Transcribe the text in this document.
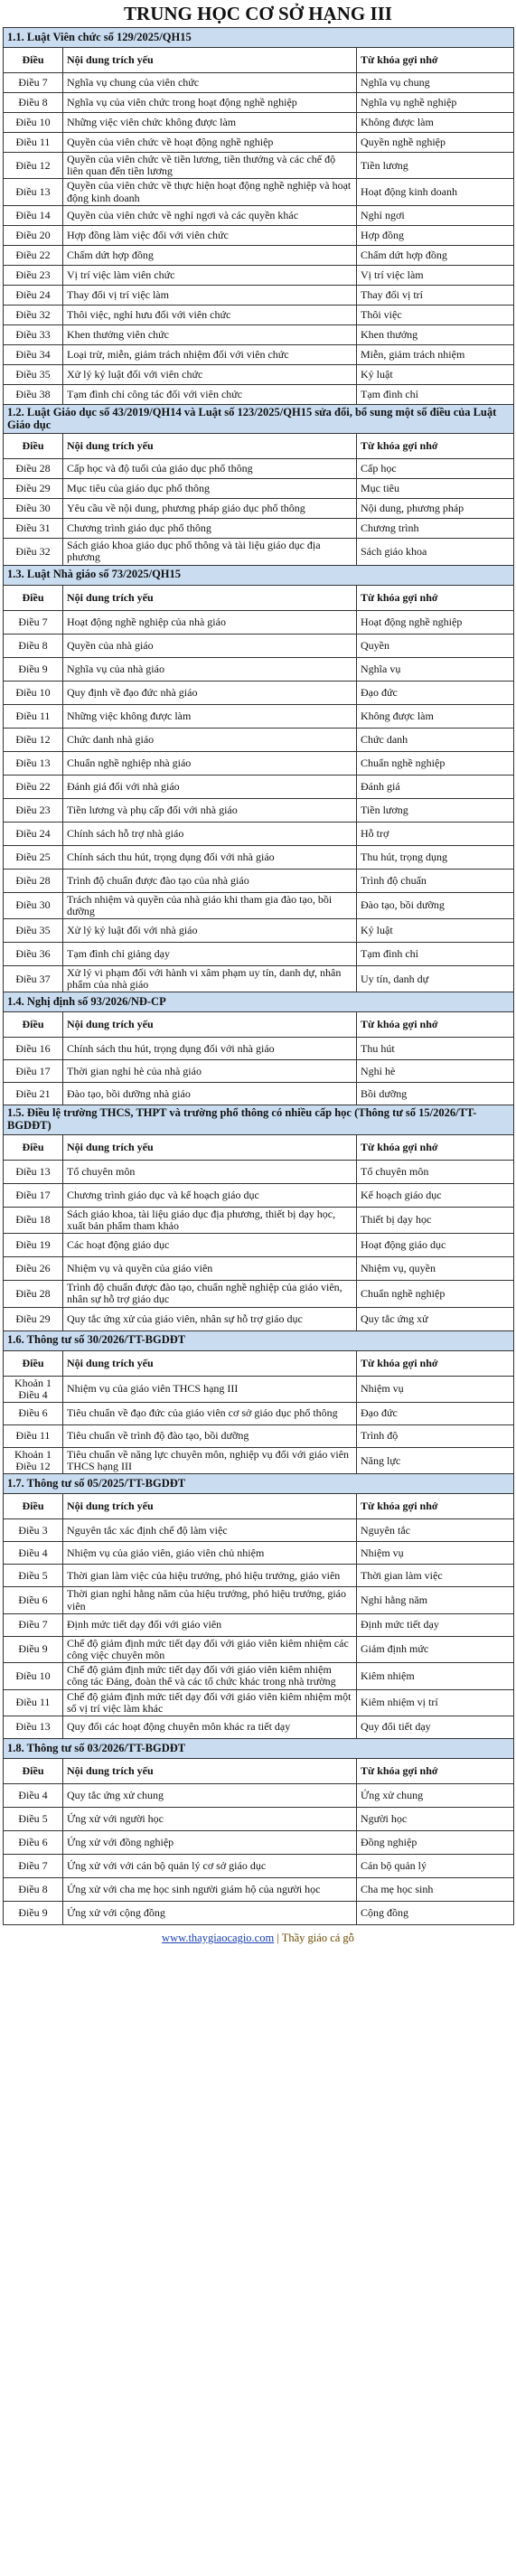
TRUNG HỌC CƠ SỞ HẠNG III
1.1. Luật Viên chức số 129/2025/QH15		
Điều	Nội dung trích yếu	Từ khóa gợi nhớ
Điều 7	Nghĩa vụ chung của viên chức	Nghĩa vụ chung
Điều 8	Nghĩa vụ của viên chức trong hoạt động nghề nghiệp	Nghĩa vụ nghề nghiệp
Điều 10	Những việc viên chức không được làm	Không được làm
Điều 11	Quyền của viên chức về hoạt động nghề nghiệp	Quyền nghề nghiệp
Điều 12	Quyền của viên chức về tiền lương, tiền thưởng và các chế độ liên quan đến tiền lương	Tiền lương
Điều 13	Quyền của viên chức về thực hiện hoạt động nghề nghiệp và hoạt động kinh doanh	Hoạt động kinh doanh
Điều 14	Quyền của viên chức về nghỉ ngơi và các quyền khác	Nghỉ ngơi
Điều 20	Hợp đồng làm việc đối với viên chức	Hợp đồng
Điều 22	Chấm dứt hợp đồng	Chấm dứt hợp đồng
Điều 23	Vị trí việc làm viên chức	Vị trí việc làm
Điều 24	Thay đổi vị trí việc làm	Thay đổi vị trí
Điều 32	Thôi việc, nghỉ hưu đối với viên chức	Thôi việc
Điều 33	Khen thưởng viên chức	Khen thưởng
Điều 34	Loại trừ, miễn, giảm trách nhiệm đối với viên chức	Miễn, giảm trách nhiệm
Điều 35	Xử lý kỷ luật đối với viên chức	Kỷ luật
Điều 38	Tạm đình chỉ công tác đối với viên chức	Tạm đình chỉ
1.2. Luật Giáo dục số 43/2019/QH14 và Luật số 123/2025/QH15 sửa đổi, bổ sung một số điều của Luật Giáo dục		
Điều	Nội dung trích yếu	Từ khóa gợi nhớ
Điều 28	Cấp học và độ tuổi của giáo dục phổ thông	Cấp học
Điều 29	Mục tiêu của giáo dục phổ thông	Mục tiêu
Điều 30	Yêu cầu về nội dung, phương pháp giáo dục phổ thông	Nội dung, phương pháp
Điều 31	Chương trình giáo dục phổ thông	Chương trình
Điều 32	Sách giáo khoa giáo dục phổ thông và tài liệu giáo dục địa phương	Sách giáo khoa
1.3. Luật Nhà giáo số 73/2025/QH15		
Điều	Nội dung trích yếu	Từ khóa gợi nhớ
Điều 7	Hoạt động nghề nghiệp của nhà giáo	Hoạt động nghề nghiệp
Điều 8	Quyền của nhà giáo	Quyền
Điều 9	Nghĩa vụ của nhà giáo	Nghĩa vụ
Điều 10	Quy định về đạo đức nhà giáo	Đạo đức
Điều 11	Những việc không được làm	Không được làm
Điều 12	Chức danh nhà giáo	Chức danh
Điều 13	Chuẩn nghề nghiệp nhà giáo	Chuẩn nghề nghiệp
Điều 22	Đánh giá đối với nhà giáo	Đánh giá
Điều 23	Tiền lương và phụ cấp đối với nhà giáo	Tiền lương
Điều 24	Chính sách hỗ trợ nhà giáo	Hỗ trợ
Điều 25	Chính sách thu hút, trọng dụng đối với nhà giáo	Thu hút, trọng dụng
Điều 28	Trình độ chuẩn được đào tạo của nhà giáo	Trình độ chuẩn
Điều 30	Trách nhiệm và quyền của nhà giáo khi tham gia đào tạo, bồi dưỡng	Đào tạo, bồi dưỡng
Điều 35	Xử lý kỷ luật đối với nhà giáo	Kỷ luật
Điều 36	Tạm đình chỉ giảng dạy	Tạm đình chỉ
Điều 37	Xử lý vi phạm đối với hành vi xâm phạm uy tín, danh dự, nhân phẩm của nhà giáo	Uy tín, danh dự
1.4. Nghị định số 93/2026/NĐ-CP		
Điều	Nội dung trích yếu	Từ khóa gợi nhớ
Điều 16	Chính sách thu hút, trọng dụng đối với nhà giáo	Thu hút
Điều 17	Thời gian nghỉ hè của nhà giáo	Nghỉ hè
Điều 21	Đào tạo, bồi dưỡng nhà giáo	Bồi dưỡng
1.5. Điều lệ trường THCS, THPT và trường phổ thông có nhiều cấp học (Thông tư số 15/2026/TT-BGDĐT)		
Điều	Nội dung trích yếu	Từ khóa gợi nhớ
Điều 13	Tổ chuyên môn	Tổ chuyên môn
Điều 17	Chương trình giáo dục và kế hoạch giáo dục	Kế hoạch giáo dục
Điều 18	Sách giáo khoa, tài liệu giáo dục địa phương, thiết bị dạy học, xuất bản phẩm tham khảo	Thiết bị dạy học
Điều 19	Các hoạt động giáo dục	Hoạt động giáo dục
Điều 26	Nhiệm vụ và quyền của giáo viên	Nhiệm vụ, quyền
Điều 28	Trình độ chuẩn được đào tạo, chuẩn nghề nghiệp của giáo viên, nhân sự hỗ trợ giáo dục	Chuẩn nghề nghiệp
Điều 29	Quy tắc ứng xử của giáo viên, nhân sự hỗ trợ giáo dục	Quy tắc ứng xử
1.6. Thông tư số 30/2026/TT-BGDĐT		
Điều	Nội dung trích yếu	Từ khóa gợi nhớ
Khoản 1 Điều 4	Nhiệm vụ của giáo viên THCS hạng III	Nhiệm vụ
Điều 6	Tiêu chuẩn về đạo đức của giáo viên cơ sở giáo dục phổ thông	Đạo đức
Điều 11	Tiêu chuẩn về trình độ đào tạo, bồi dưỡng	Trình độ
Khoản 1 Điều 12	Tiêu chuẩn về năng lực chuyên môn, nghiệp vụ đối với giáo viên THCS hạng III	Năng lực
1.7. Thông tư số 05/2025/TT-BGDĐT		
Điều	Nội dung trích yếu	Từ khóa gợi nhớ
Điều 3	Nguyên tắc xác định chế độ làm việc	Nguyên tắc
Điều 4	Nhiệm vụ của giáo viên, giáo viên chủ nhiệm	Nhiệm vụ
Điều 5	Thời gian làm việc của hiệu trưởng, phó hiệu trưởng, giáo viên	Thời gian làm việc
Điều 6	Thời gian nghỉ hằng năm của hiệu trưởng, phó hiệu trưởng, giáo viên	Nghỉ hằng năm
Điều 7	Định mức tiết dạy đối với giáo viên	Định mức tiết dạy
Điều 9	Chế độ giảm định mức tiết dạy đối với giáo viên kiêm nhiệm các công việc chuyên môn	Giảm định mức
Điều 10	Chế độ giảm định mức tiết dạy đối với giáo viên kiêm nhiệm công tác Đảng, đoàn thể và các tổ chức khác trong nhà trường	Kiêm nhiệm
Điều 11	Chế độ giảm định mức tiết dạy đối với giáo viên kiêm nhiệm một số vị trí việc làm khác	Kiêm nhiệm vị trí
Điều 13	Quy đổi các hoạt động chuyên môn khác ra tiết dạy	Quy đổi tiết dạy
1.8. Thông tư số 03/2026/TT-BGDĐT		
Điều	Nội dung trích yếu	Từ khóa gợi nhớ
Điều 4	Quy tắc ứng xử chung	Ứng xử chung
Điều 5	Ứng xử với người học	Người học
Điều 6	Ứng xử với đồng nghiệp	Đồng nghiệp
Điều 7	Ứng xử với với cán bộ quản lý cơ sở giáo dục	Cán bộ quản lý
Điều 8	Ứng xử với cha mẹ học sinh người giám hộ của người học	Cha mẹ học sinh
Điều 9	Ứng xử với cộng đồng	Cộng đồng
www.thaygiaocagio.com | Thầy giáo cá gỗ
